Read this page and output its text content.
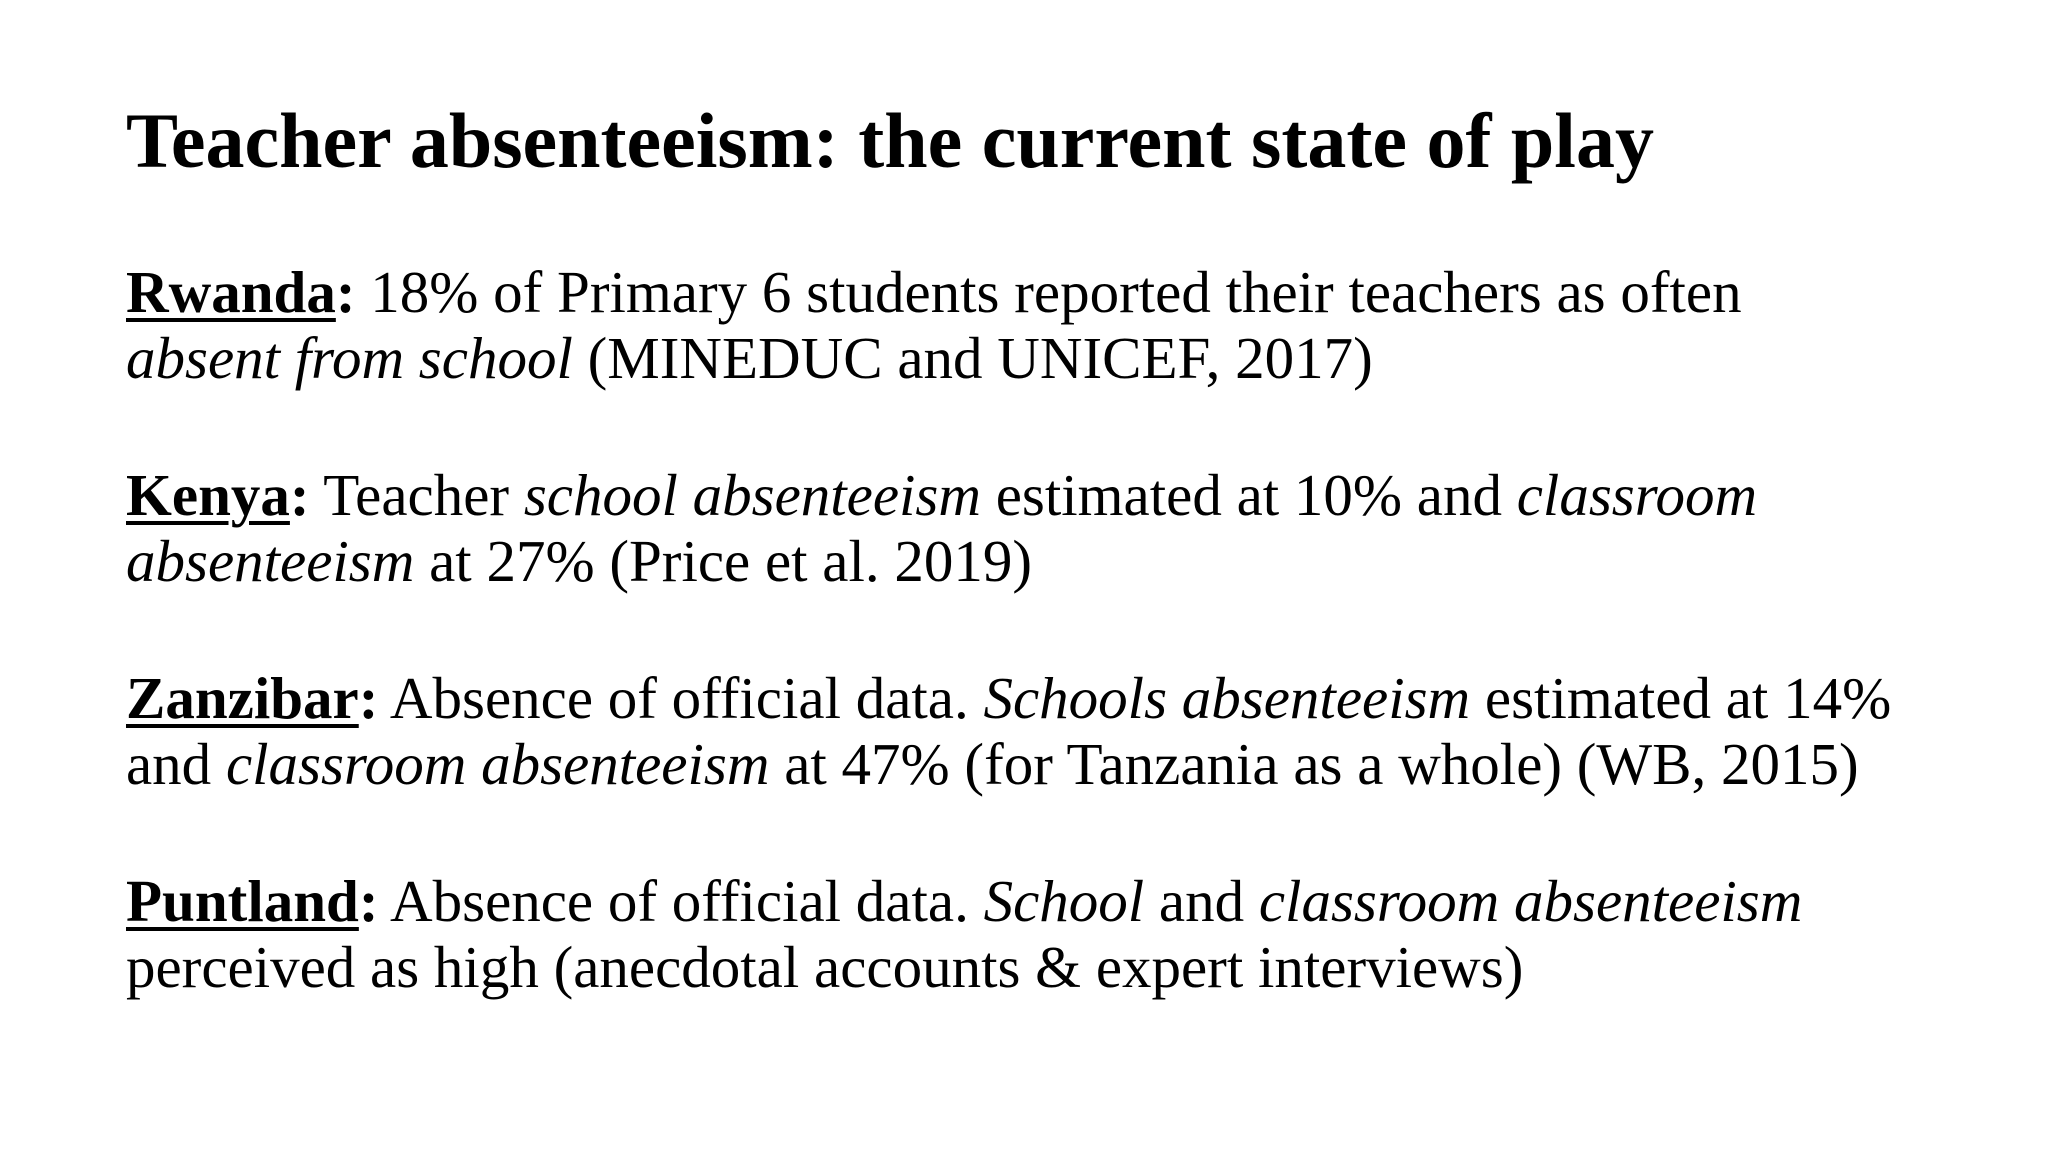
Teacher absenteeism: the current state of play

Rwanda: 18% of Primary 6 students reported their teachers as often
absent from school (MINEDUC and UNICEF, 2017)

Kenya: Teacher school absenteeism estimated at 10% and classroom
absenteeism at 27% (Price et al. 2019)

Zanzibar: Absence of official data. Schools absenteeism estimated at 14%
and classroom absenteeism at 47% (for Tanzania as a whole) (WB, 2015)

Puntland: Absence of official data. School and classroom absenteeism
perceived as high (anecdotal accounts & expert interviews)
